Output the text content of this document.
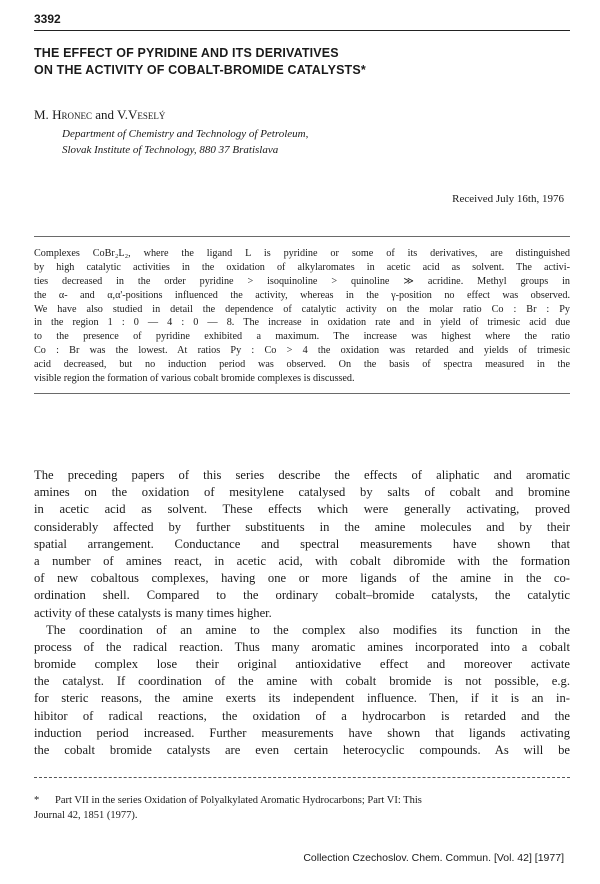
3392
THE EFFECT OF PYRIDINE AND ITS DERIVATIVES
ON THE ACTIVITY OF COBALT-BROMIDE CATALYSTS*
M. Hronec and V.Veselý
Department of Chemistry and Technology of Petroleum,
Slovak Institute of Technology, 880 37 Bratislava
Received July 16th, 1976
Complexes CoBr₂L₂, where the ligand L is pyridine or some of its derivatives, are distinguished
by high catalytic activities in the oxidation of alkylaromates in acetic acid as solvent. The activi-
ties decreased in the order pyridine > isoquinoline > quinoline ≫ acridine. Methyl groups in
the α- and α,α'-positions influenced the activity, whereas in the γ-position no effect was observed.
We have also studied in detail the dependence of catalytic activity on the molar ratio Co : Br : Py
in the region 1 : 0 — 4 : 0 — 8. The increase in oxidation rate and in yield of trimesic acid due
to the presence of pyridine exhibited a maximum. The increase was highest where the ratio
Co : Br was the lowest. At ratios Py : Co > 4 the oxidation was retarded and yields of trimesic
acid decreased, but no induction period was observed. On the basis of spectra measured in the
visible region the formation of various cobalt bromide complexes is discussed.
The preceding papers of this series describe the effects of aliphatic and aromatic
amines on the oxidation of mesitylene catalysed by salts of cobalt and bromine
in acetic acid as solvent. These effects which were generally activating, proved
considerably affected by further substituents in the amine molecules and by their
spatial arrangement. Conductance and spectral measurements have shown that
a number of amines react, in acetic acid, with cobalt dibromide with the formation
of new cobaltous complexes, having one or more ligands of the amine in the co-
ordination shell. Compared to the ordinary cobalt–bromide catalysts, the catalytic
activity of these catalysts is many times higher.
The coordination of an amine to the complex also modifies its function in the
process of the radical reaction. Thus many aromatic amines incorporated into a cobalt
bromide complex lose their original antioxidative effect and moreover activate
the catalyst. If coordination of the amine with cobalt bromide is not possible, e.g.
for steric reasons, the amine exerts its independent influence. Then, if it is an in-
hibitor of radical reactions, the oxidation of a hydrocarbon is retarded and the
induction period increased. Further measurements have shown that ligands activating
the cobalt bromide catalysts are even certain heterocyclic compounds. As will be
*      Part VII in the series Oxidation of Polyalkylated Aromatic Hydrocarbons; Part VI: This
Journal 42, 1851 (1977).
Collection Czechoslov. Chem. Commun. [Vol. 42] [1977]
